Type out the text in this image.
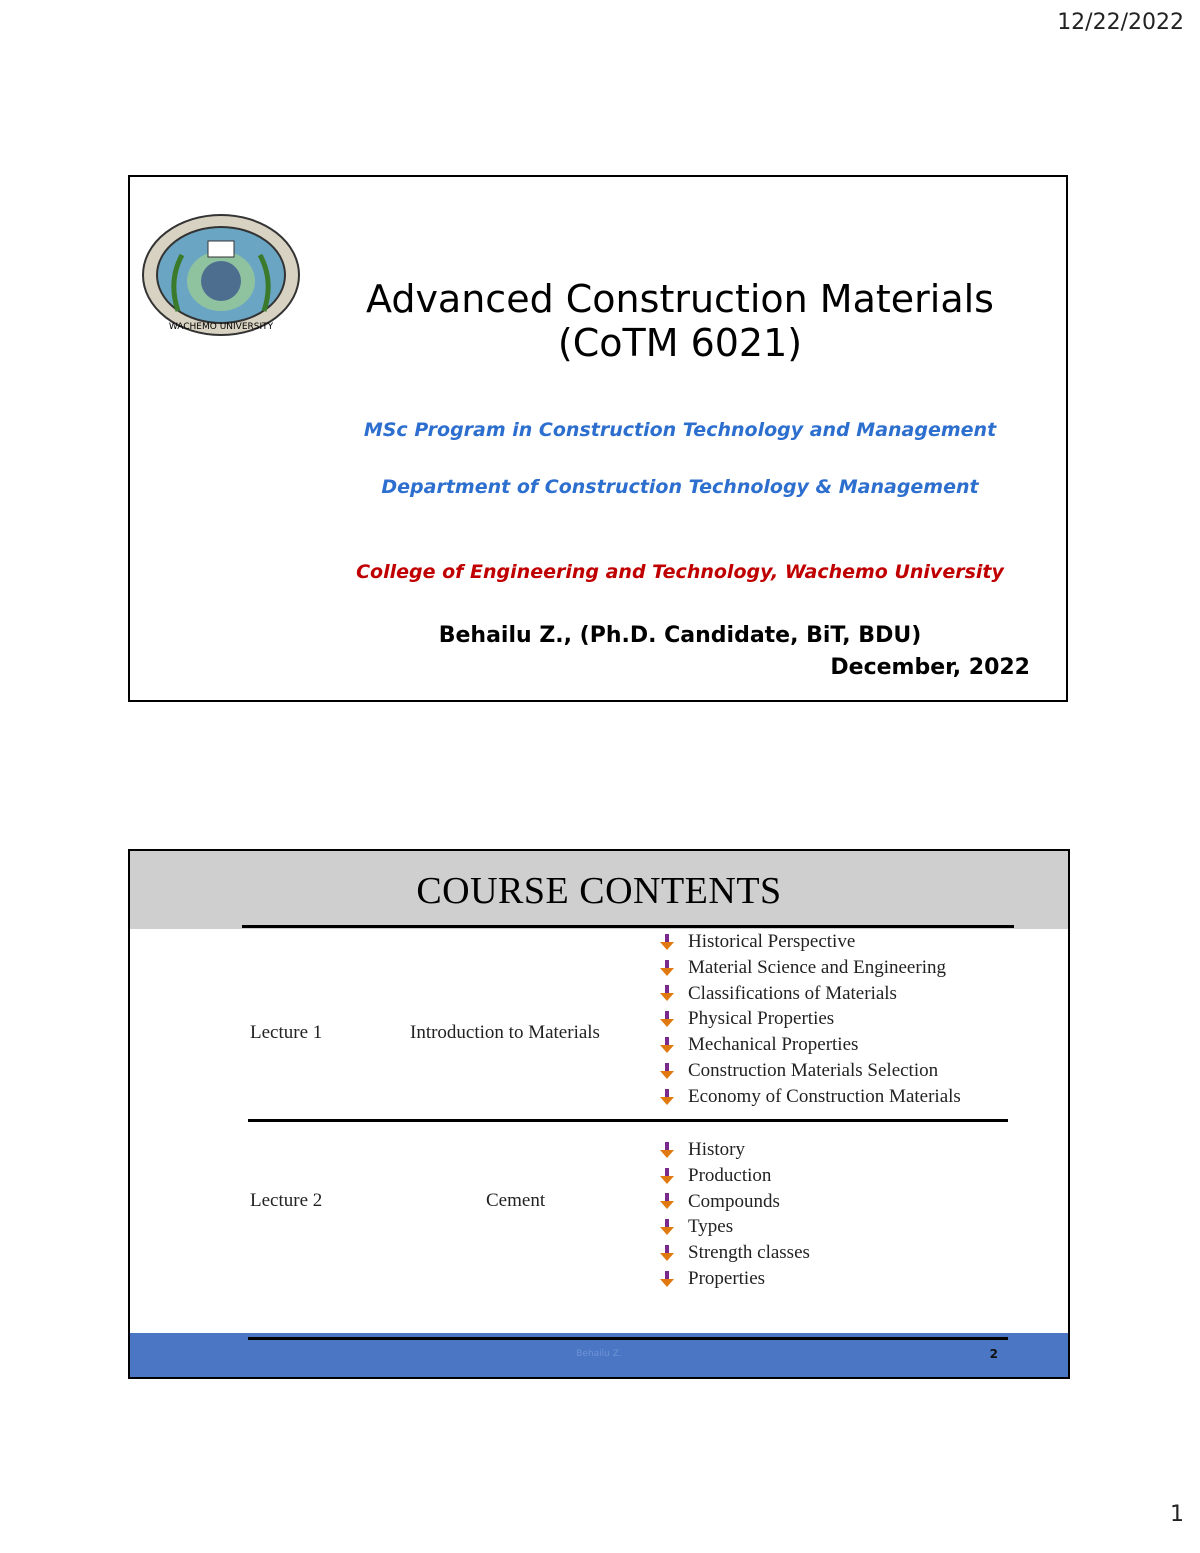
12/22/2022
WACHEMO UNIVERSITY
Advanced Construction Materials (CoTM 6021)
MSc Program in Construction Technology and Management
Department of Construction Technology & Management
College of Engineering and Technology, Wachemo University
Behailu Z., (Ph.D. Candidate, BiT, BDU)
December, 2022
COURSE CONTENTS
Lecture 1	Introduction to Materials
Historical Perspective
Material Science and Engineering
Classifications of Materials
Physical Properties
Mechanical Properties
Construction Materials Selection
Economy of Construction Materials
Lecture 2	Cement
History
Production
Compounds
Types
Strength classes
Properties
Behailu Z.	2
1
